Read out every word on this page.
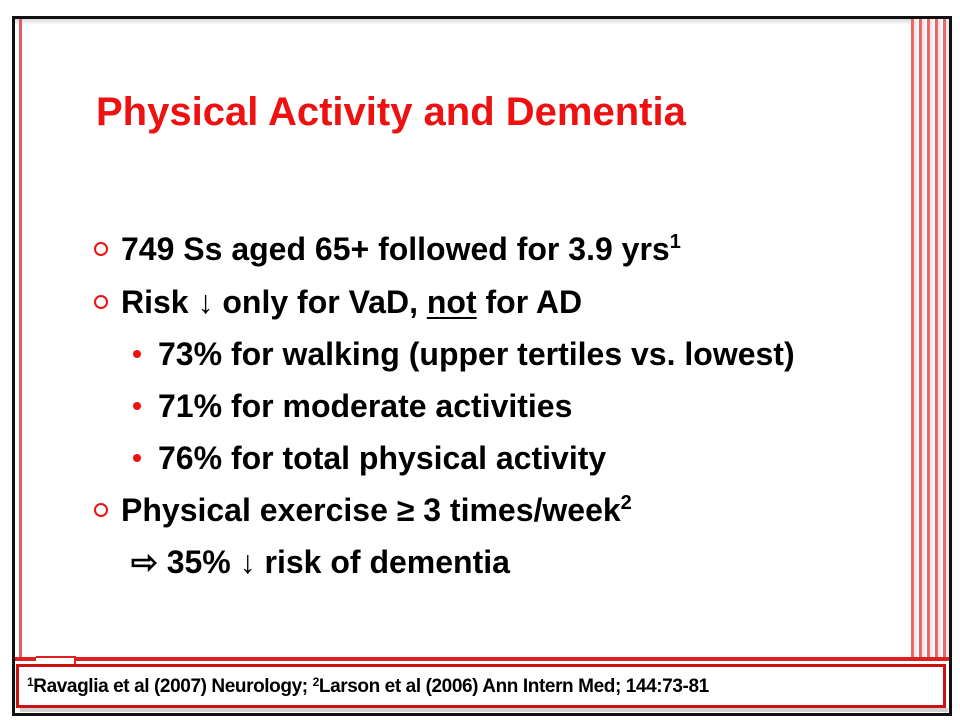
Physical Activity and Dementia
749 Ss aged 65+ followed for 3.9 yrs$^1$
Risk ↓ only for VaD, not for AD
73% for walking (upper tertiles vs. lowest)
71% for moderate activities
76% for total physical activity
Physical exercise ≥ 3 times/week$^2$
⇨ 35% ↓ risk of dementia
$^1$Ravaglia et al (2007) Neurology; $^2$Larson et al (2006) Ann Intern Med; 144:73-81
